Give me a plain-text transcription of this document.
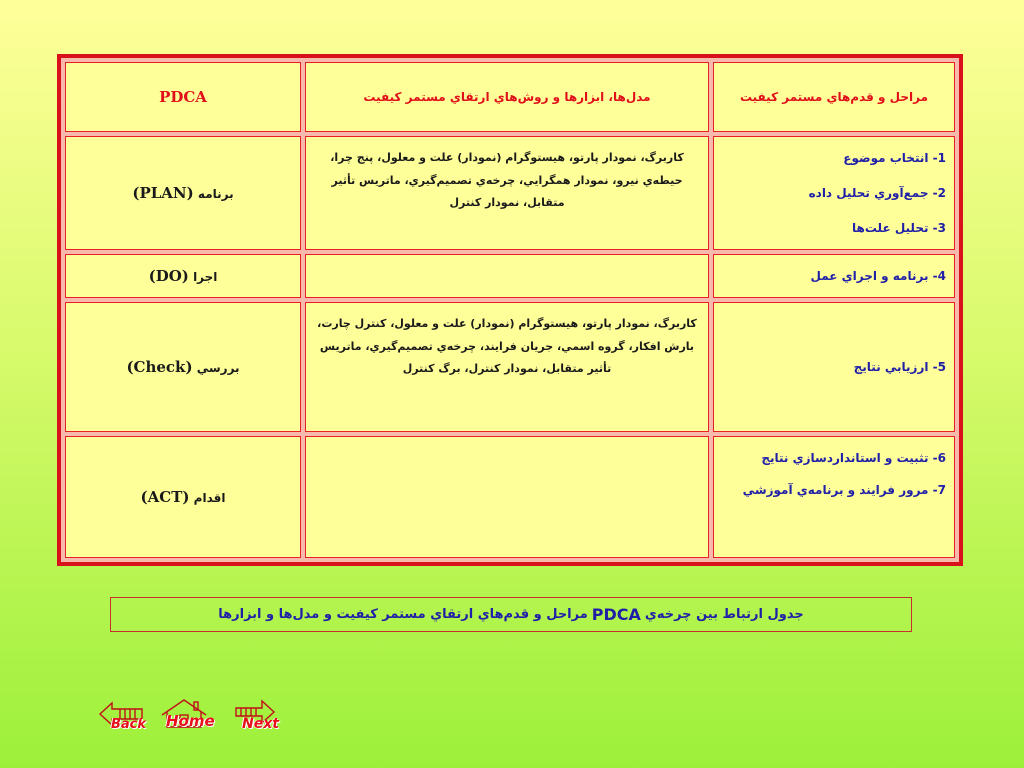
PDCA	مدل‌ها، ابزارها و روش‌هاي ارتقاي مستمر كيفيت	مراحل و قدم‌هاي مستمر كيفيت
(PLAN) برنامه	كاربرگ، نمودار پارتو، هيستوگرام (نمودار) علت و معلول، پنج چرا، حيطه‌ي نيرو، نمودار همگرايي، چرخه‌ي تصميم‌گيري، ماتريس تأثير متقابل، نمودار كنترل	1- انتخاب موضوع
2- جمع‌آوري تحليل داده
3- تحليل علت‌ها

(DO) اجرا		4- برنامه و اجراي عمل

(Check) بررسي	كاربرگ، نمودار پارتو، هيستوگرام (نمودار) علت و معلول، كنترل چارت، بارش افكار، گروه اسمي، جريان فرايند، چرخه‌ي تصميم‌گيري، ماتريس تأثير متقابل، نمودار كنترل، برگ كنترل	5- ارزيابي نتايج

(ACT) اقدام		6- تثبيت و استانداردسازي نتايج
7- مرور فرايند و برنامه‌ي آموزشي
جدول ارتباط بين چرخه‌ي
PDCA
مراحل و قدم‌هاي ارتقاي مستمر كيفيت و مدل‌ها و ابزارها
Back Home Next
